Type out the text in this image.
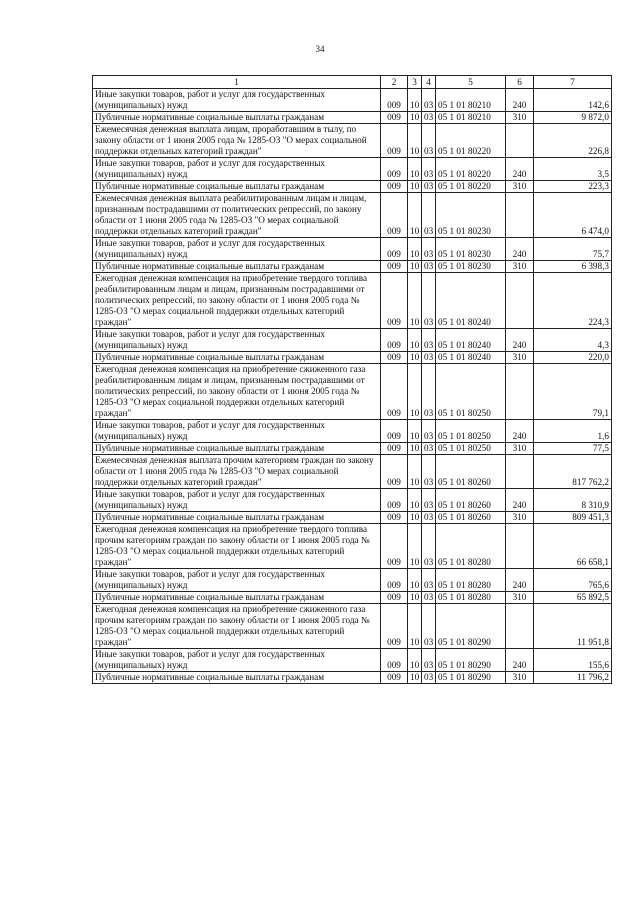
34
1	2	3	4	5	6	7
Иные закупки товаров, работ и услуг для государственных (муниципальных) нужд	009	10	03	05 1 01 80210	240	142,6
Публичные нормативные социальные выплаты гражданам	009	10	03	05 1 01 80210	310	9 872,0
Ежемесячная денежная выплата лицам, проработавшим в тылу, по закону области от 1 июня 2005 года № 1285-ОЗ "О мерах социальной поддержки отдельных категорий граждан"	009	10	03	05 1 01 80220		226,8
Иные закупки товаров, работ и услуг для государственных (муниципальных) нужд	009	10	03	05 1 01 80220	240	3,5
Публичные нормативные социальные выплаты гражданам	009	10	03	05 1 01 80220	310	223,3
Ежемесячная денежная выплата реабилитированным лицам и лицам, признанным пострадавшими от политических репрессий, по закону области от 1 июня 2005 года № 1285-ОЗ "О мерах социальной поддержки отдельных категорий граждан"	009	10	03	05 1 01 80230		6 474,0
Иные закупки товаров, работ и услуг для государственных (муниципальных) нужд	009	10	03	05 1 01 80230	240	75,7
Публичные нормативные социальные выплаты гражданам	009	10	03	05 1 01 80230	310	6 398,3
Ежегодная денежная компенсация на приобретение твердого топлива реабилитированным лицам и лицам, признанным пострадавшими от политических репрессий, по закону области от 1 июня 2005 года № 1285-ОЗ "О мерах социальной поддержки отдельных категорий граждан"	009	10	03	05 1 01 80240		224,3
Иные закупки товаров, работ и услуг для государственных (муниципальных) нужд	009	10	03	05 1 01 80240	240	4,3
Публичные нормативные социальные выплаты гражданам	009	10	03	05 1 01 80240	310	220,0
Ежегодная денежная компенсация на приобретение сжиженного газа реабилитированным лицам и лицам, признанным пострадавшими от политических репрессий, по закону области от 1 июня 2005 года № 1285-ОЗ "О мерах социальной поддержки отдельных категорий граждан"	009	10	03	05 1 01 80250		79,1
Иные закупки товаров, работ и услуг для государственных (муниципальных) нужд	009	10	03	05 1 01 80250	240	1,6
Публичные нормативные социальные выплаты гражданам	009	10	03	05 1 01 80250	310	77,5
Ежемесячная денежная выплата прочим категориям граждан по закону области от 1 июня 2005 года № 1285-ОЗ "О мерах социальной поддержки отдельных категорий граждан"	009	10	03	05 1 01 80260		817 762,2
Иные закупки товаров, работ и услуг для государственных (муниципальных) нужд	009	10	03	05 1 01 80260	240	8 310,9
Публичные нормативные социальные выплаты гражданам	009	10	03	05 1 01 80260	310	809 451,3
Ежегодная денежная компенсация на приобретение твердого топлива прочим категориям граждан по закону области от 1 июня 2005 года № 1285-ОЗ "О мерах социальной поддержки отдельных категорий граждан"	009	10	03	05 1 01 80280		66 658,1
Иные закупки товаров, работ и услуг для государственных (муниципальных) нужд	009	10	03	05 1 01 80280	240	765,6
Публичные нормативные социальные выплаты гражданам	009	10	03	05 1 01 80280	310	65 892,5
Ежегодная денежная компенсация на приобретение сжиженного газа прочим категориям граждан по закону области от 1 июня 2005 года № 1285-ОЗ "О мерах социальной поддержки отдельных категорий граждан"	009	10	03	05 1 01 80290		11 951,8
Иные закупки товаров, работ и услуг для государственных (муниципальных) нужд	009	10	03	05 1 01 80290	240	155,6
Публичные нормативные социальные выплаты гражданам	009	10	03	05 1 01 80290	310	11 796,2
